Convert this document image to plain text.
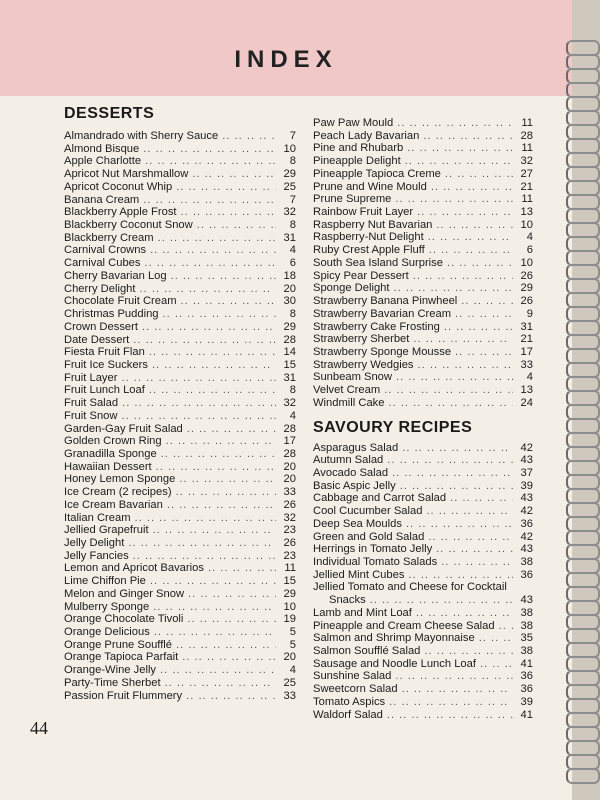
INDEX
DESSERTS
Almandrado with Sherry Sauce .. ..	7
Almond Bisque .. ..	10
Apple Charlotte .. ..	8
Apricot Nut Marshmallow .. ..	29
Apricot Coconut Whip .. ..	25
Banana Cream .. ..	7
Blackberry Apple Frost .. ..	32
Blackberry Coconut Snow .. ..	8
Blackberry Cream .. ..	31
Carnival Crowns .. ..	4
Carnival Cubes .. ..	6
Cherry Bavarian Log .. ..	18
Cherry Delight .. ..	20
Chocolate Fruit Cream .. ..	30
Christmas Pudding .. ..	8
Crown Dessert .. ..	29
Date Dessert .. ..	28
Fiesta Fruit Flan .. ..	14
Fruit Ice Suckers .. ..	15
Fruit Layer .. ..	31
Fruit Lunch Loaf .. ..	8
Fruit Salad .. ..	32
Fruit Snow .. ..	4
Garden-Gay Fruit Salad .. ..	28
Golden Crown Ring .. ..	17
Granadilla Sponge .. ..	28
Hawaiian Dessert .. ..	20
Honey Lemon Sponge .. ..	20
Ice Cream (2 recipes) .. ..	33
Ice Cream Bavarian .. ..	26
Italian Cream .. ..	32
Jellied Grapefruit .. ..	23
Jelly Delight .. ..	26
Jelly Fancies .. ..	23
Lemon and Apricot Bavarios .. ..	11
Lime Chiffon Pie .. ..	15
Melon and Ginger Snow .. ..	29
Mulberry Sponge .. ..	10
Orange Chocolate Tivoli .. ..	19
Orange Delicious .. ..	5
Orange Prune Soufflé .. ..	5
Orange Tapioca Parfait .. ..	20
Orange-Wine Jelly .. ..	4
Party-Time Sherbet .. ..	25
Passion Fruit Flummery .. ..	33
Paw Paw Mould .. ..	11
Peach Lady Bavarian .. ..	28
Pine and Rhubarb .. ..	11
Pineapple Delight .. ..	32
Pineapple Tapioca Creme .. ..	27
Prune and Wine Mould .. ..	21
Prune Supreme .. ..	11
Rainbow Fruit Layer .. ..	13
Raspberry Nut Bavarian .. ..	10
Raspberry-Nut Delight .. ..	4
Ruby Crest Apple Fluff .. ..	6
South Sea Island Surprise .. ..	10
Spicy Pear Dessert .. ..	26
Sponge Delight .. ..	29
Strawberry Banana Pinwheel .. ..	26
Strawberry Bavarian Cream .. ..	9
Strawberry Cake Frosting .. ..	31
Strawberry Sherbet .. ..	21
Strawberry Sponge Mousse .. ..	17
Strawberry Wedgies .. ..	33
Sunbeam Snow .. ..	4
Velvet Cream .. ..	13
Windmill Cake .. ..	24
SAVOURY RECIPES
Asparagus Salad .. ..	42
Autumn Salad .. ..	43
Avocado Salad .. ..	37
Basic Aspic Jelly .. ..	39
Cabbage and Carrot Salad .. ..	43
Cool Cucumber Salad .. ..	42
Deep Sea Moulds .. ..	36
Green and Gold Salad .. ..	42
Herrings in Tomato Jelly .. ..	43
Individual Tomato Salads .. ..	38
Jellied Mint Cubes .. ..	36
Jellied Tomato and Cheese for Cocktail
Snacks .. ..	43
Lamb and Mint Loaf .. ..	38
Pineapple and Cream Cheese Salad .. ..	38
Salmon and Shrimp Mayonnaise .. ..	35
Salmon Soufflé Salad .. ..	38
Sausage and Noodle Lunch Loaf .. ..	41
Sunshine Salad .. ..	36
Sweetcorn Salad .. ..	36
Tomato Aspics .. ..	39
Waldorf Salad .. ..	41
44
